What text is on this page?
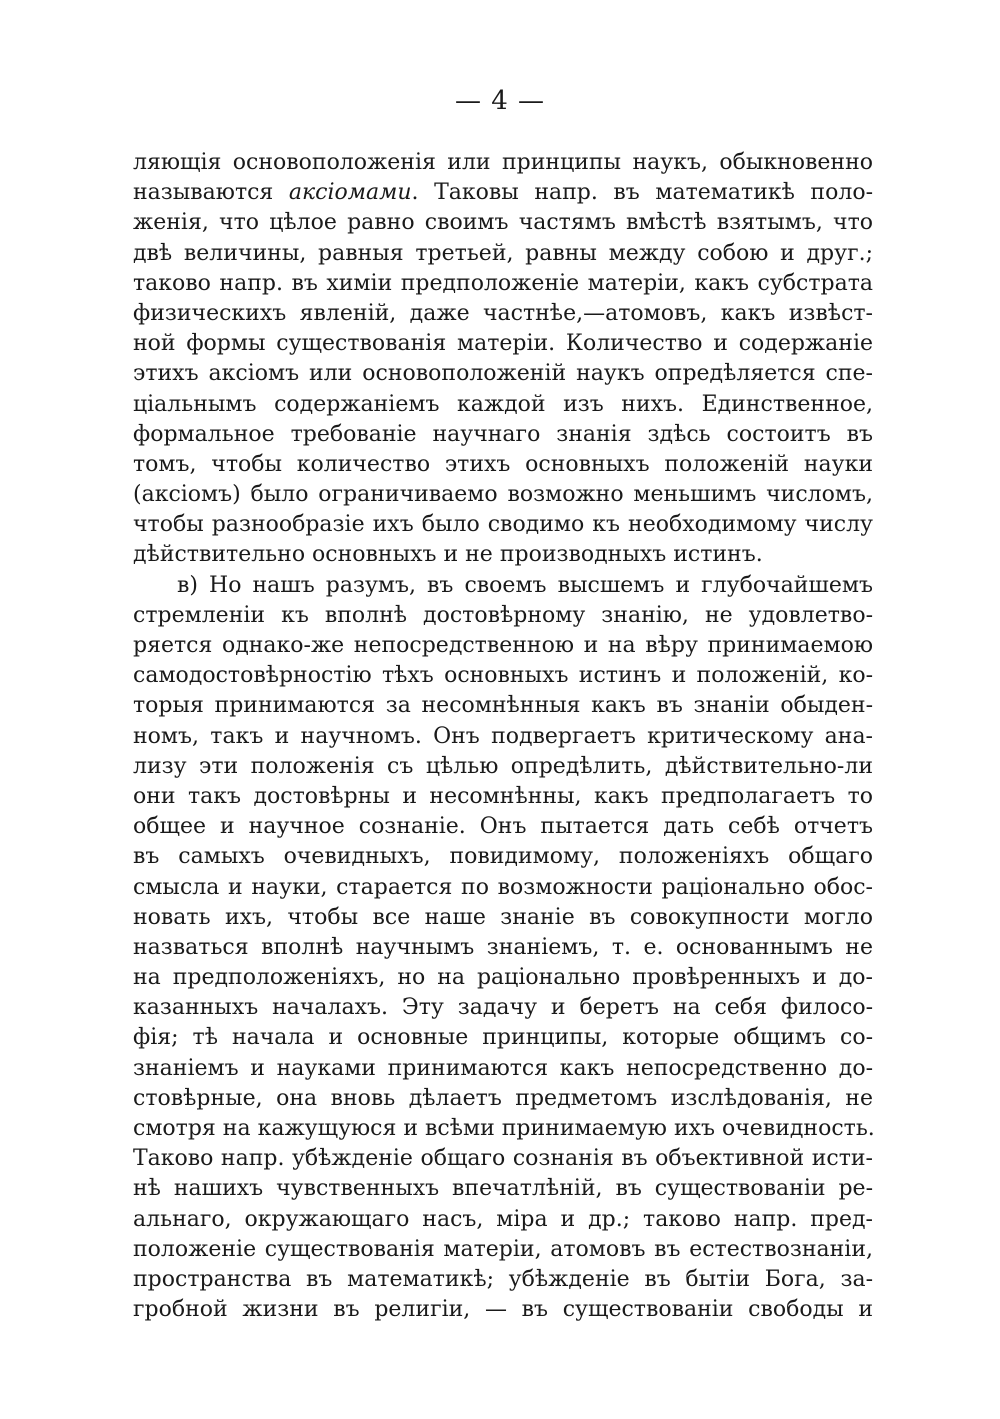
— 4 —
ляющія основоположенія или принципы наукъ, обыкновенно
называются аксіомами. Таковы напр. въ математикѣ поло-
женія, что цѣлое равно своимъ частямъ вмѣстѣ взятымъ, что
двѣ величины, равныя третьей, равны между собою и друг.;
таково напр. въ химіи предположеніе матеріи, какъ субстрата
физическихъ явленій, даже частнѣе,—атомовъ, какъ извѣст-
ной формы существованія матеріи. Количество и содержаніе
этихъ аксіомъ или основоположеній наукъ опредѣляется спе-
ціальнымъ содержаніемъ каждой изъ нихъ. Единственное,
формальное требованіе научнаго знанія здѣсь состоитъ въ
томъ, чтобы количество этихъ основныхъ положеній науки
(аксіомъ) было ограничиваемо возможно меньшимъ числомъ,
чтобы разнообразіе ихъ было сводимо къ необходимому числу
дѣйствительно основныхъ и не производныхъ истинъ.
в) Но нашъ разумъ, въ своемъ высшемъ и глубочайшемъ
стремленіи къ вполнѣ достовѣрному знанію, не удовлетво-
ряется однако-же непосредственною и на вѣру принимаемою
самодостовѣрностію тѣхъ основныхъ истинъ и положеній, ко-
торыя принимаются за несомнѣнныя какъ въ знаніи обыден-
номъ, такъ и научномъ. Онъ подвергаетъ критическому ана-
лизу эти положенія съ цѣлью опредѣлить, дѣйствительно-ли
они такъ достовѣрны и несомнѣнны, какъ предполагаетъ то
общее и научное сознаніе. Онъ пытается дать себѣ отчетъ
въ самыхъ очевидныхъ, повидимому, положеніяхъ общаго
смысла и науки, старается по возможности раціонально обос-
новать ихъ, чтобы все наше знаніе въ совокупности могло
назваться вполнѣ научнымъ знаніемъ, т. е. основаннымъ не
на предположеніяхъ, но на раціонально провѣренныхъ и до-
казанныхъ началахъ. Эту задачу и беретъ на себя филосо-
фія; тѣ начала и основные принципы, которые общимъ со-
знаніемъ и науками принимаются какъ непосредственно до-
стовѣрные, она вновь дѣлаетъ предметомъ изслѣдованія, не
смотря на кажущуюся и всѣми принимаемую ихъ очевидность.
Таково напр. убѣжденіе общаго сознанія въ объективной исти-
нѣ нашихъ чувственныхъ впечатлѣній, въ существованіи ре-
альнаго, окружающаго насъ, міра и др.; таково напр. пред-
положеніе существованія матеріи, атомовъ въ естествознаніи,
пространства въ математикѣ; убѣжденіе въ бытіи Бога, за-
гробной жизни въ религіи, — въ существованіи свободы и
